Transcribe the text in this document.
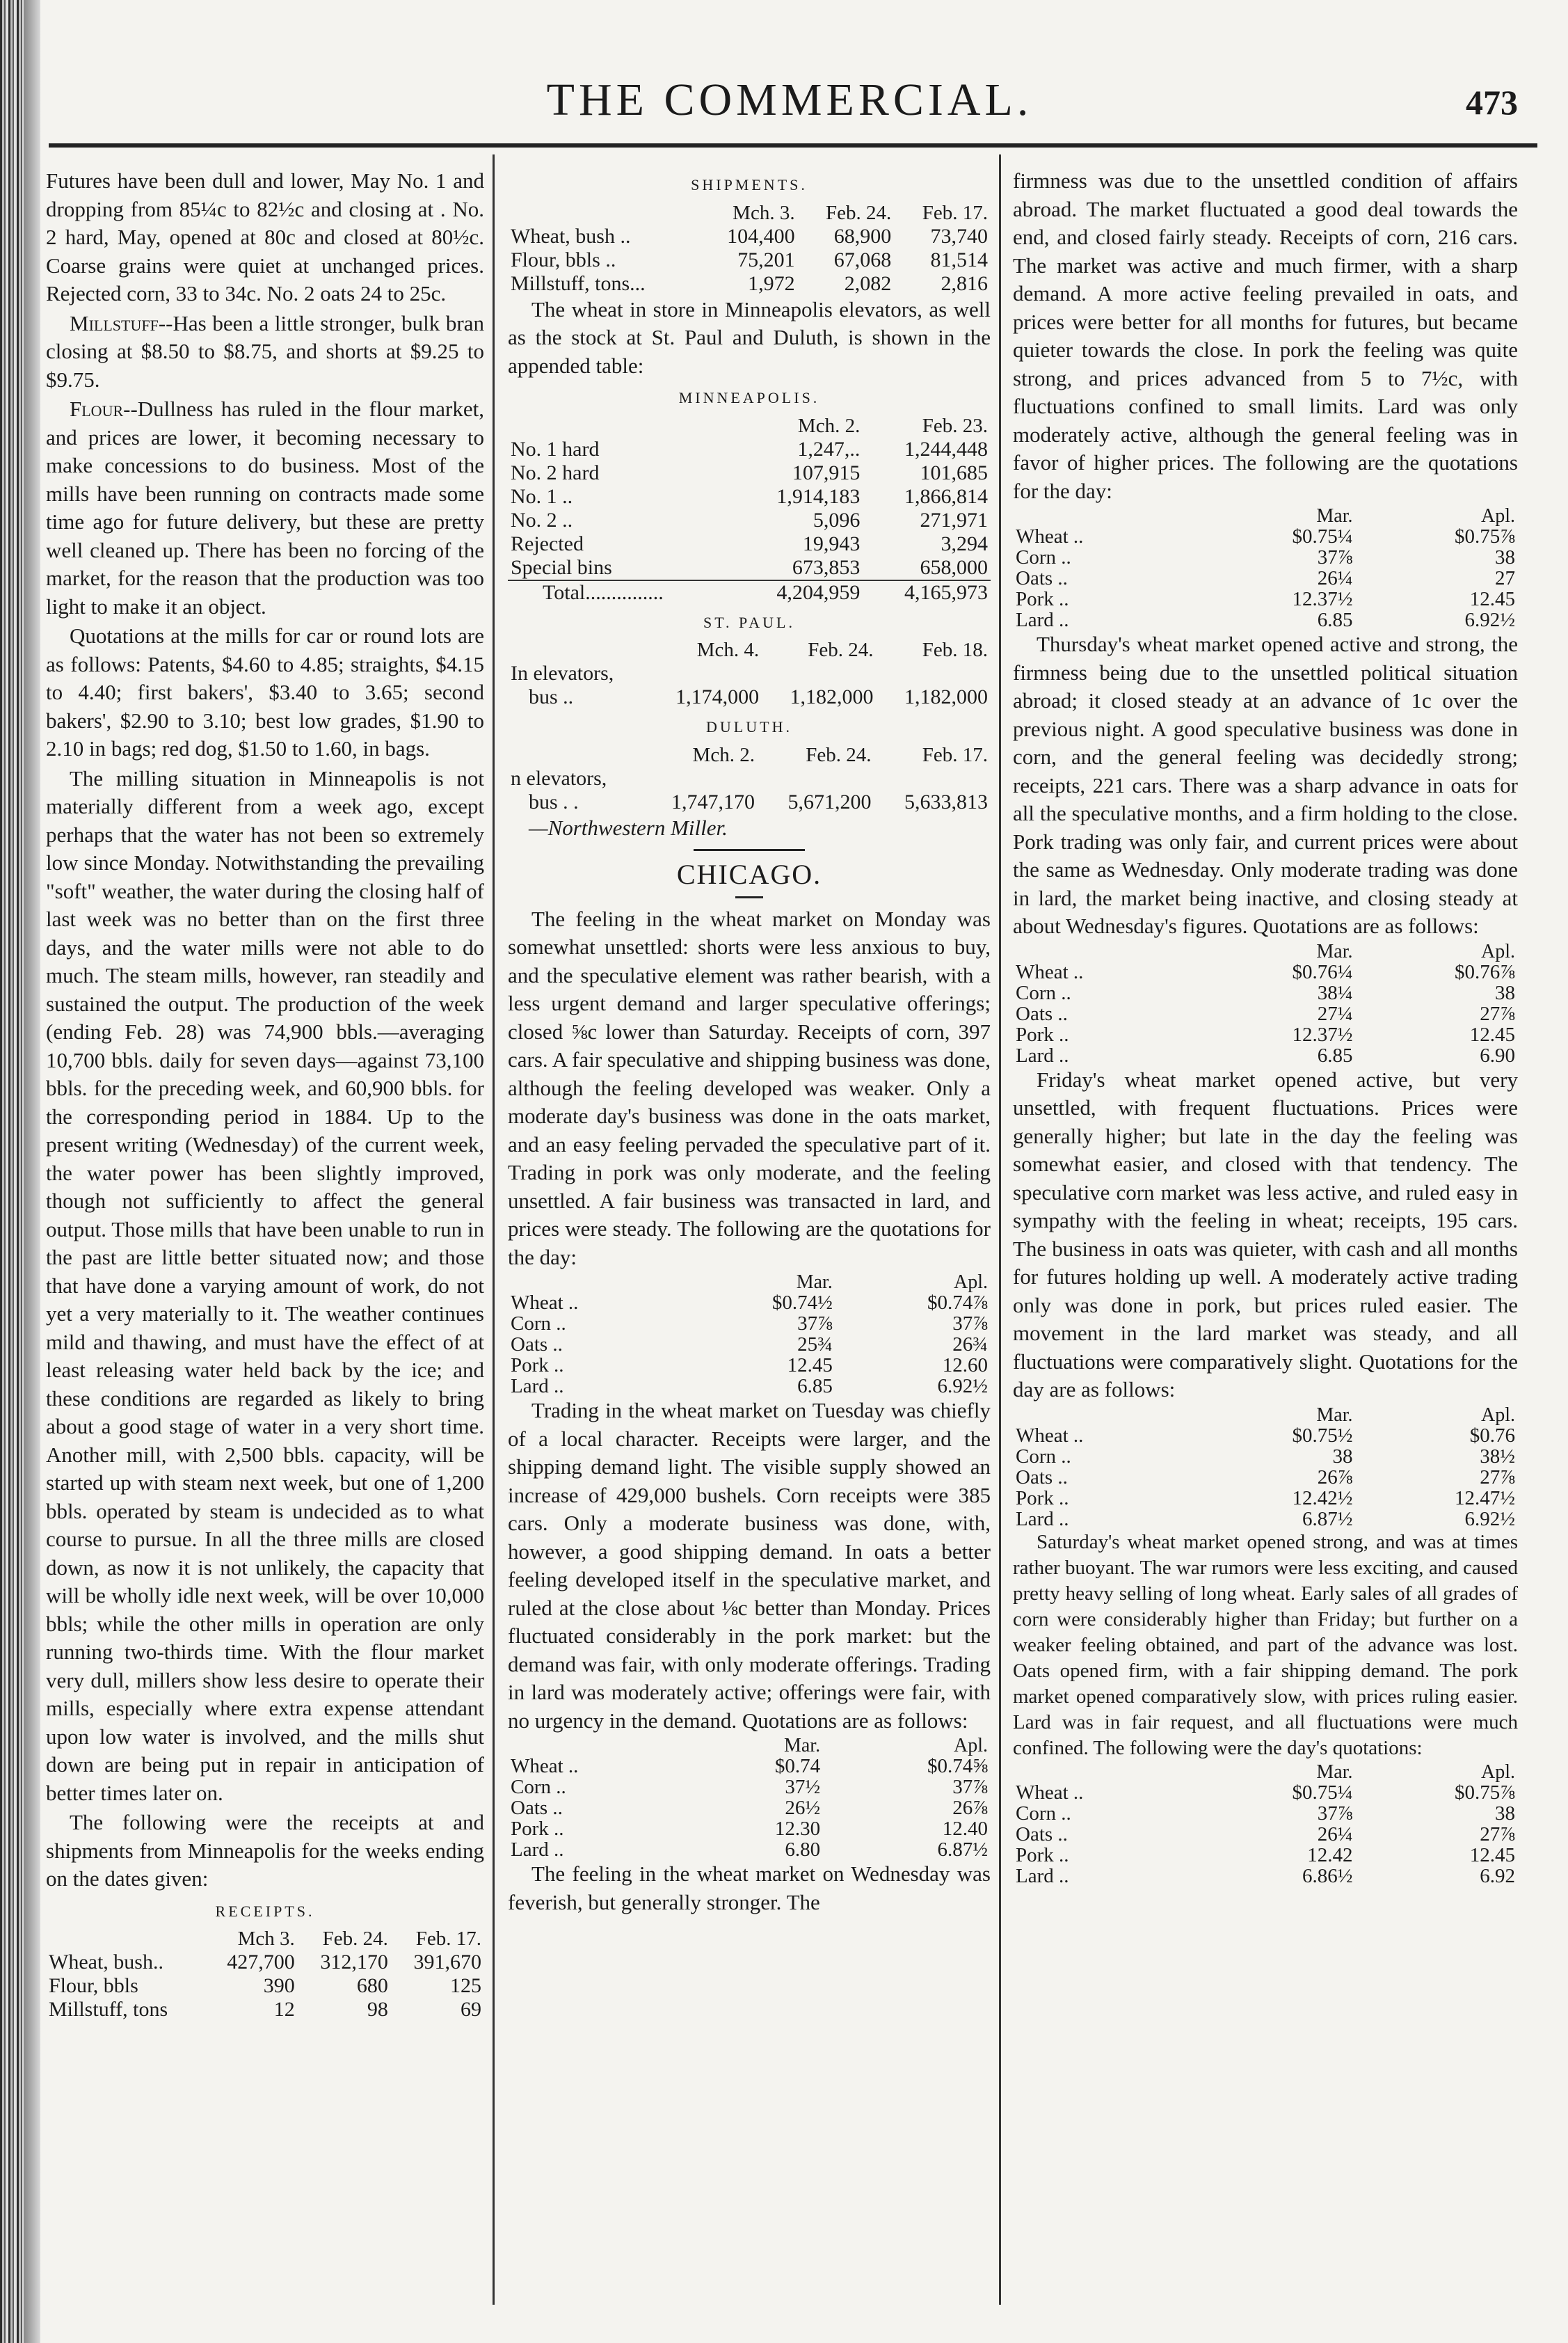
THE COMMERCIAL.	473

Futures have been dull and lower, May No. 1 and dropping from 85¼c to 82½c and closing at . No. 2 hard, May, opened at 80c and closed at 80½c. Coarse grains were quiet at unchanged prices. Rejected corn, 33 to 34c. No. 2 oats 24 to 25c.

Millstuff--Has been a little stronger, bulk bran closing at $8.50 to $8.75, and shorts at $9.25 to $9.75.

Flour--Dullness has ruled in the flour market, and prices are lower, it becoming necessary to make concessions to do business. Most of the mills have been running on contracts made some time ago for future delivery, but these are pretty well cleaned up. There has been no forcing of the market, for the reason that the production was too light to make it an object.

Quotations at the mills for car or round lots are as follows: Patents, $4.60 to 4.85; straights, $4.15 to 4.40; first bakers', $3.40 to 3.65; second bakers', $2.90 to 3.10; best low grades, $1.90 to 2.10 in bags; red dog, $1.50 to 1.60, in bags.

The milling situation in Minneapolis is not materially different from a week ago, except perhaps that the water has not been so extremely low since Monday. Notwithstanding the prevailing "soft" weather, the water during the closing half of last week was no better than on the first three days, and the water mills were not able to do much. The steam mills, however, ran steadily and sustained the output. The production of the week (ending Feb. 28) was 74,900 bbls.—averaging 10,700 bbls. daily for seven days—against 73,100 bbls. for the preceding week, and 60,900 bbls. for the corresponding period in 1884. Up to the present writing (Wednesday) of the current week, the water power has been slightly improved, though not sufficiently to affect the general output. Those mills that have been unable to run in the past are little better situated now; and those that have done a varying amount of work, do not yet a very materially to it. The weather continues mild and thawing, and must have the effect of at least releasing water held back by the ice; and these conditions are regarded as likely to bring about a good stage of water in a very short time. Another mill, with 2,500 bbls. capacity, will be started up with steam next week, but one of 1,200 bbls. operated by steam is undecided as to what course to pursue. In all the three mills are closed down, as now it is not unlikely, the capacity that will be wholly idle next week, will be over 10,000 bbls; while the other mills in operation are only running two-thirds time. With the flour market very dull, millers show less desire to operate their mills, especially where extra expense attendant upon low water is involved, and the mills shut down are being put in repair in anticipation of better times later on.

The following were the receipts at and shipments from Minneapolis for the weeks ending on the dates given:

RECEIPTS.
	Mch 3.	Feb. 24.	Feb. 17.
Wheat, bush..	427,700	312,170	391,670
Flour, bbls	390	680	125
Millstuff, tons	12	98	69
SHIPMENTS.
	Mch. 3.	Feb. 24.	Feb. 17.
Wheat, bush ..	104,400	68,900	73,740
Flour, bbls ..	75,201	67,068	81,514
Millstuff, tons...	1,972	2,082	2,816

The wheat in store in Minneapolis elevators, as well as the stock at St. Paul and Duluth, is shown in the appended table:

MINNEAPOLIS.
	Mch. 2.	Feb. 23.
No. 1 hard	1,247,..	1,244,448
No. 2 hard	107,915	101,685
No. 1 ..	1,914,183	1,866,814
No. 2 ..	5,096	271,971
Rejected	19,943	3,294
Special bins	673,853	658,000
Total...............	4,204,959	4,165,973
ST. PAUL.
	Mch. 4.	Feb. 24.	Feb. 18.
In elevators,			
bus ..	1,174,000	1,182,000	1,182,000
DULUTH.
	Mch. 2.	Feb. 24.	Feb. 17.
n elevators,			
bus . .	1,747,170	5,671,200	5,633,813

—Northwestern Miller.

CHICAGO.

The feeling in the wheat market on Monday was somewhat unsettled: shorts were less anxious to buy, and the speculative element was rather bearish, with a less urgent demand and larger speculative offerings; closed ⅝c lower than Saturday. Receipts of corn, 397 cars. A fair speculative and shipping business was done, although the feeling developed was weaker. Only a moderate day's business was done in the oats market, and an easy feeling pervaded the speculative part of it. Trading in pork was only moderate, and the feeling unsettled. A fair business was transacted in lard, and prices were steady. The following are the quotations for the day:

	Mar.	Apl.
Wheat ..	$0.74½	$0.74⅞
Corn ..	37⅞	37⅞
Oats ..	25¾	26¾
Pork ..	12.45	12.60
Lard ..	6.85	6.92½

Trading in the wheat market on Tuesday was chiefly of a local character. Receipts were larger, and the shipping demand light. The visible supply showed an increase of 429,000 bushels. Corn receipts were 385 cars. Only a moderate business was done, with, however, a good shipping demand. In oats a better feeling developed itself in the speculative market, and ruled at the close about ⅛c better than Monday. Prices fluctuated considerably in the pork market: but the demand was fair, with only moderate offerings. Trading in lard was moderately active; offerings were fair, with no urgency in the demand. Quotations are as follows:

	Mar.	Apl.
Wheat ..	$0.74	$0.74⅝
Corn ..	37½	37⅞
Oats ..	26½	26⅞
Pork ..	12.30	12.40
Lard ..	6.80	6.87½

The feeling in the wheat market on Wednesday was feverish, but generally stronger. The

firmness was due to the unsettled condition of affairs abroad. The market fluctuated a good deal towards the end, and closed fairly steady. Receipts of corn, 216 cars. The market was active and much firmer, with a sharp demand. A more active feeling prevailed in oats, and prices were better for all months for futures, but became quieter towards the close. In pork the feeling was quite strong, and prices advanced from 5 to 7½c, with fluctuations confined to small limits. Lard was only moderately active, although the general feeling was in favor of higher prices. The following are the quotations for the day:

	Mar.	Apl.
Wheat ..	$0.75¼	$0.75⅞
Corn ..	37⅞	38
Oats ..	26¼	27
Pork ..	12.37½	12.45
Lard ..	6.85	6.92½

Thursday's wheat market opened active and strong, the firmness being due to the unsettled political situation abroad; it closed steady at an advance of 1c over the previous night. A good speculative business was done in corn, and the general feeling was decidedly strong; receipts, 221 cars. There was a sharp advance in oats for all the speculative months, and a firm holding to the close. Pork trading was only fair, and current prices were about the same as Wednesday. Only moderate trading was done in lard, the market being inactive, and closing steady at about Wednesday's figures. Quotations are as follows:

	Mar.	Apl.
Wheat ..	$0.76¼	$0.76⅞
Corn ..	38¼	38
Oats ..	27¼	27⅞
Pork ..	12.37½	12.45
Lard ..	6.85	6.90

Friday's wheat market opened active, but very unsettled, with frequent fluctuations. Prices were generally higher; but late in the day the feeling was somewhat easier, and closed with that tendency. The speculative corn market was less active, and ruled easy in sympathy with the feeling in wheat; receipts, 195 cars. The business in oats was quieter, with cash and all months for futures holding up well. A moderately active trading only was done in pork, but prices ruled easier. The movement in the lard market was steady, and all fluctuations were comparatively slight. Quotations for the day are as follows:

	Mar.	Apl.
Wheat ..	$0.75½	$0.76
Corn ..	38	38½
Oats ..	26⅞	27⅞
Pork ..	12.42½	12.47½
Lard ..	6.87½	6.92½

Saturday's wheat market opened strong, and was at times rather buoyant. The war rumors were less exciting, and caused pretty heavy selling of long wheat. Early sales of all grades of corn were considerably higher than Friday; but further on a weaker feeling obtained, and part of the advance was lost. Oats opened firm, with a fair shipping demand. The pork market opened comparatively slow, with prices ruling easier. Lard was in fair request, and all fluctuations were much confined. The following were the day's quotations:

	Mar.	Apl.
Wheat ..	$0.75¼	$0.75⅞
Corn ..	37⅞	38
Oats ..	26¼	27⅞
Pork ..	12.42	12.45
Lard ..	6.86½	6.92
